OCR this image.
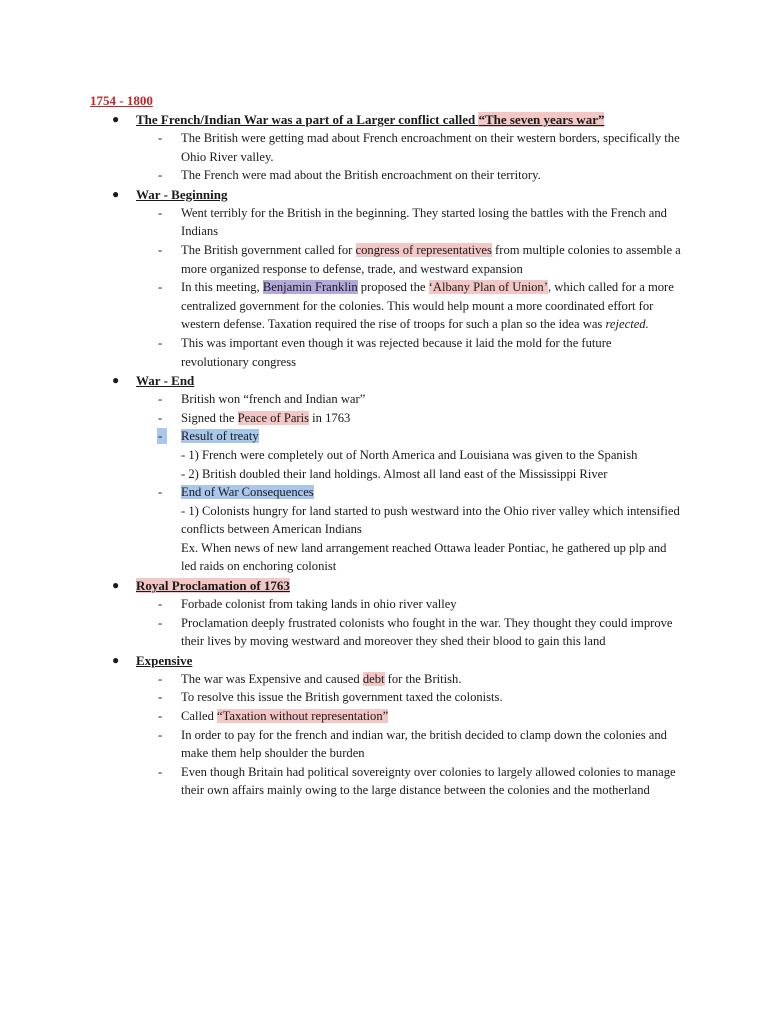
1754 - 1800
● The French/Indian War was a part of a Larger conflict called “The seven years war”
- The British were getting mad about French encroachment on their western borders, specifically the Ohio River valley.
- The French were mad about the British encroachment on their territory.
● War - Beginning
- Went terribly for the British in the beginning. They started losing the battles with the French and Indians
- The British government called for congress of representatives from multiple colonies to assemble a more organized response to defense, trade, and westward expansion
- In this meeting, Benjamin Franklin proposed the ‘Albany Plan of Union’, which called for a more centralized government for the colonies. This would help mount a more coordinated effort for western defense. Taxation required the rise of troops for such a plan so the idea was rejected.
- This was important even though it was rejected because it laid the mold for the future revolutionary congress
● War - End
- British won “french and Indian war”
- Signed the Peace of Paris in 1763
- Result of treaty
- 1) French were completely out of North America and Louisiana was given to the Spanish
- 2) British doubled their land holdings. Almost all land east of the Mississippi River
- End of War Consequences
- 1) Colonists hungry for land started to push westward into the Ohio river valley which intensified conflicts between American Indians
Ex. When news of new land arrangement reached Ottawa leader Pontiac, he gathered up plp and led raids on enchoring colonist
● Royal Proclamation of 1763
- Forbade colonist from taking lands in ohio river valley
- Proclamation deeply frustrated colonists who fought in the war. They thought they could improve their lives by moving westward and moreover they shed their blood to gain this land
● Expensive
- The war was Expensive and caused debt for the British.
- To resolve this issue the British government taxed the colonists.
- Called “Taxation without representation”
- In order to pay for the french and indian war, the british decided to clamp down the colonies and make them help shoulder the burden
- Even though Britain had political sovereignty over colonies to largely allowed colonies to manage their own affairs mainly owing to the large distance between the colonies and the motherland
